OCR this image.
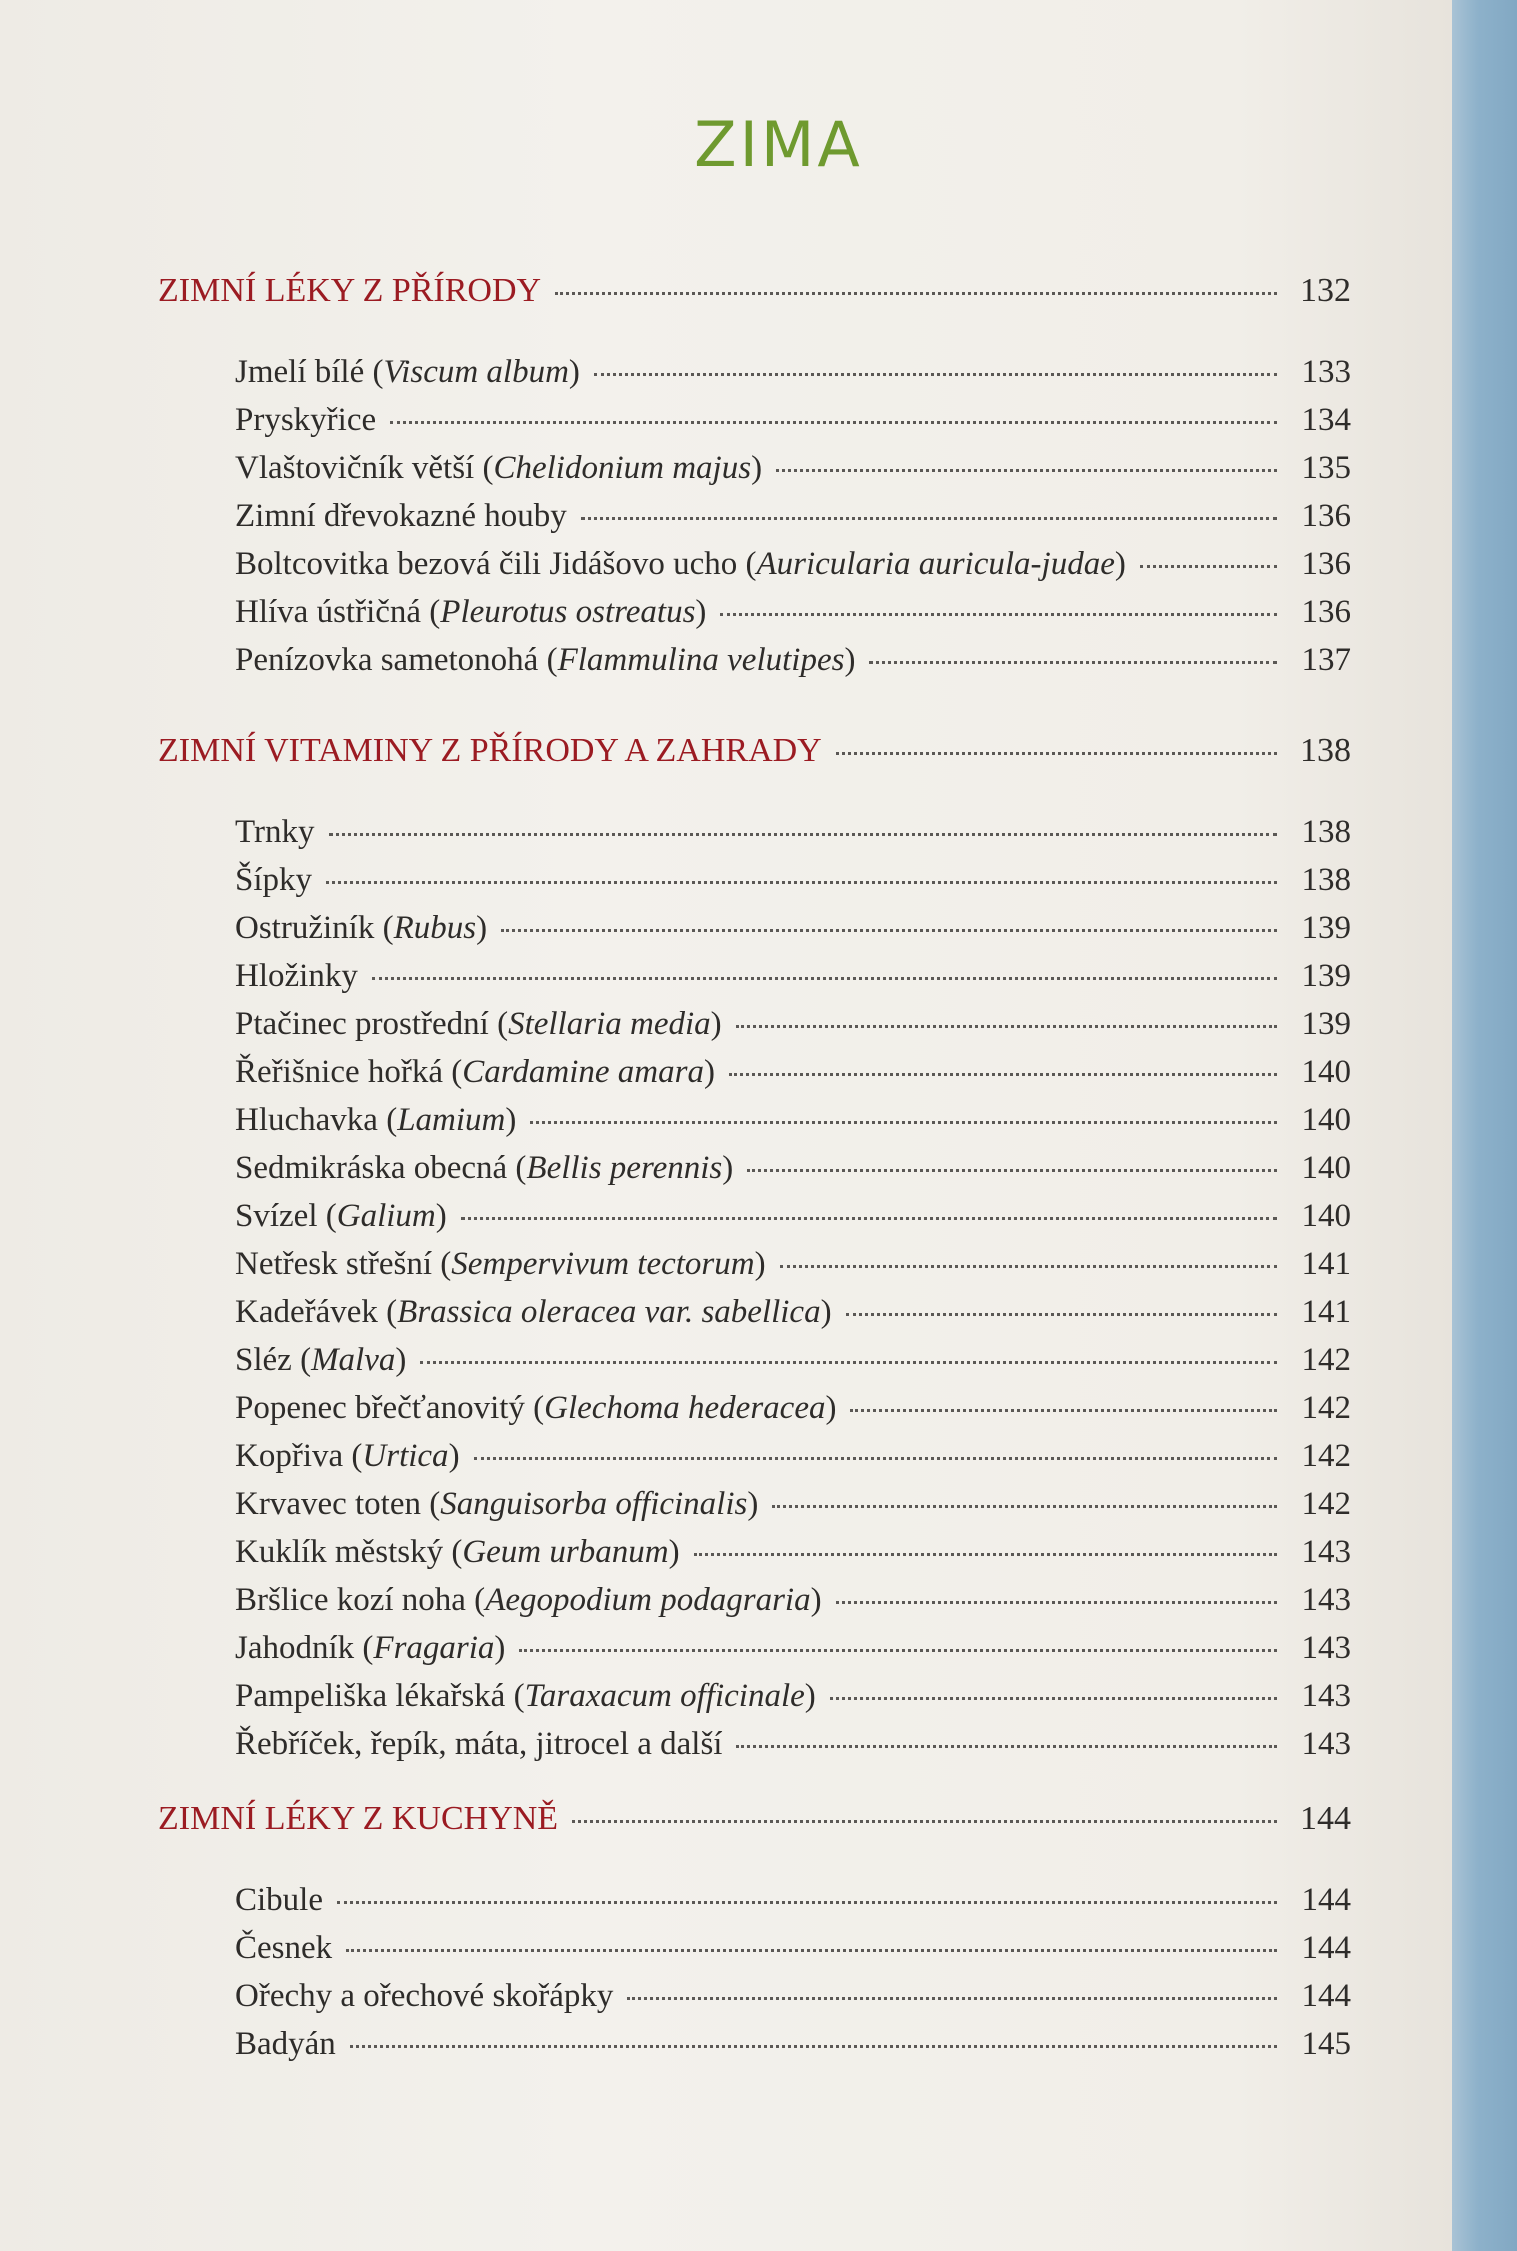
ZIMA
ZIMNÍ LÉKY Z PŘÍRODY	132
Jmelí bílé (Viscum album)	133
Pryskyřice	134
Vlaštovičník větší (Chelidonium majus)	135
Zimní dřevokazné houby	136
Boltcovitka bezová čili Jidášovo ucho (Auricularia auricula-judae)	136
Hlíva ústřičná (Pleurotus ostreatus)	136
Penízovka sametonohá (Flammulina velutipes)	137
ZIMNÍ VITAMINY Z PŘÍRODY A ZAHRADY	138
Trnky	138
Šípky	138
Ostružiník (Rubus)	139
Hložinky	139
Ptačinec prostřední (Stellaria media)	139
Řeřišnice hořká (Cardamine amara)	140
Hluchavka (Lamium)	140
Sedmikráska obecná (Bellis perennis)	140
Svízel (Galium)	140
Netřesk střešní (Sempervivum tectorum)	141
Kadeřávek (Brassica oleracea var. sabellica)	141
Sléz (Malva)	142
Popenec břečťanovitý (Glechoma hederacea)	142
Kopřiva (Urtica)	142
Krvavec toten (Sanguisorba officinalis)	142
Kuklík městský (Geum urbanum)	143
Bršlice kozí noha (Aegopodium podagraria)	143
Jahodník (Fragaria)	143
Pampeliška lékařská (Taraxacum officinale)	143
Řebříček, řepík, máta, jitrocel a další	143
ZIMNÍ LÉKY Z KUCHYNĚ	144
Cibule	144
Česnek	144
Ořechy a ořechové skořápky	144
Badyán	145
